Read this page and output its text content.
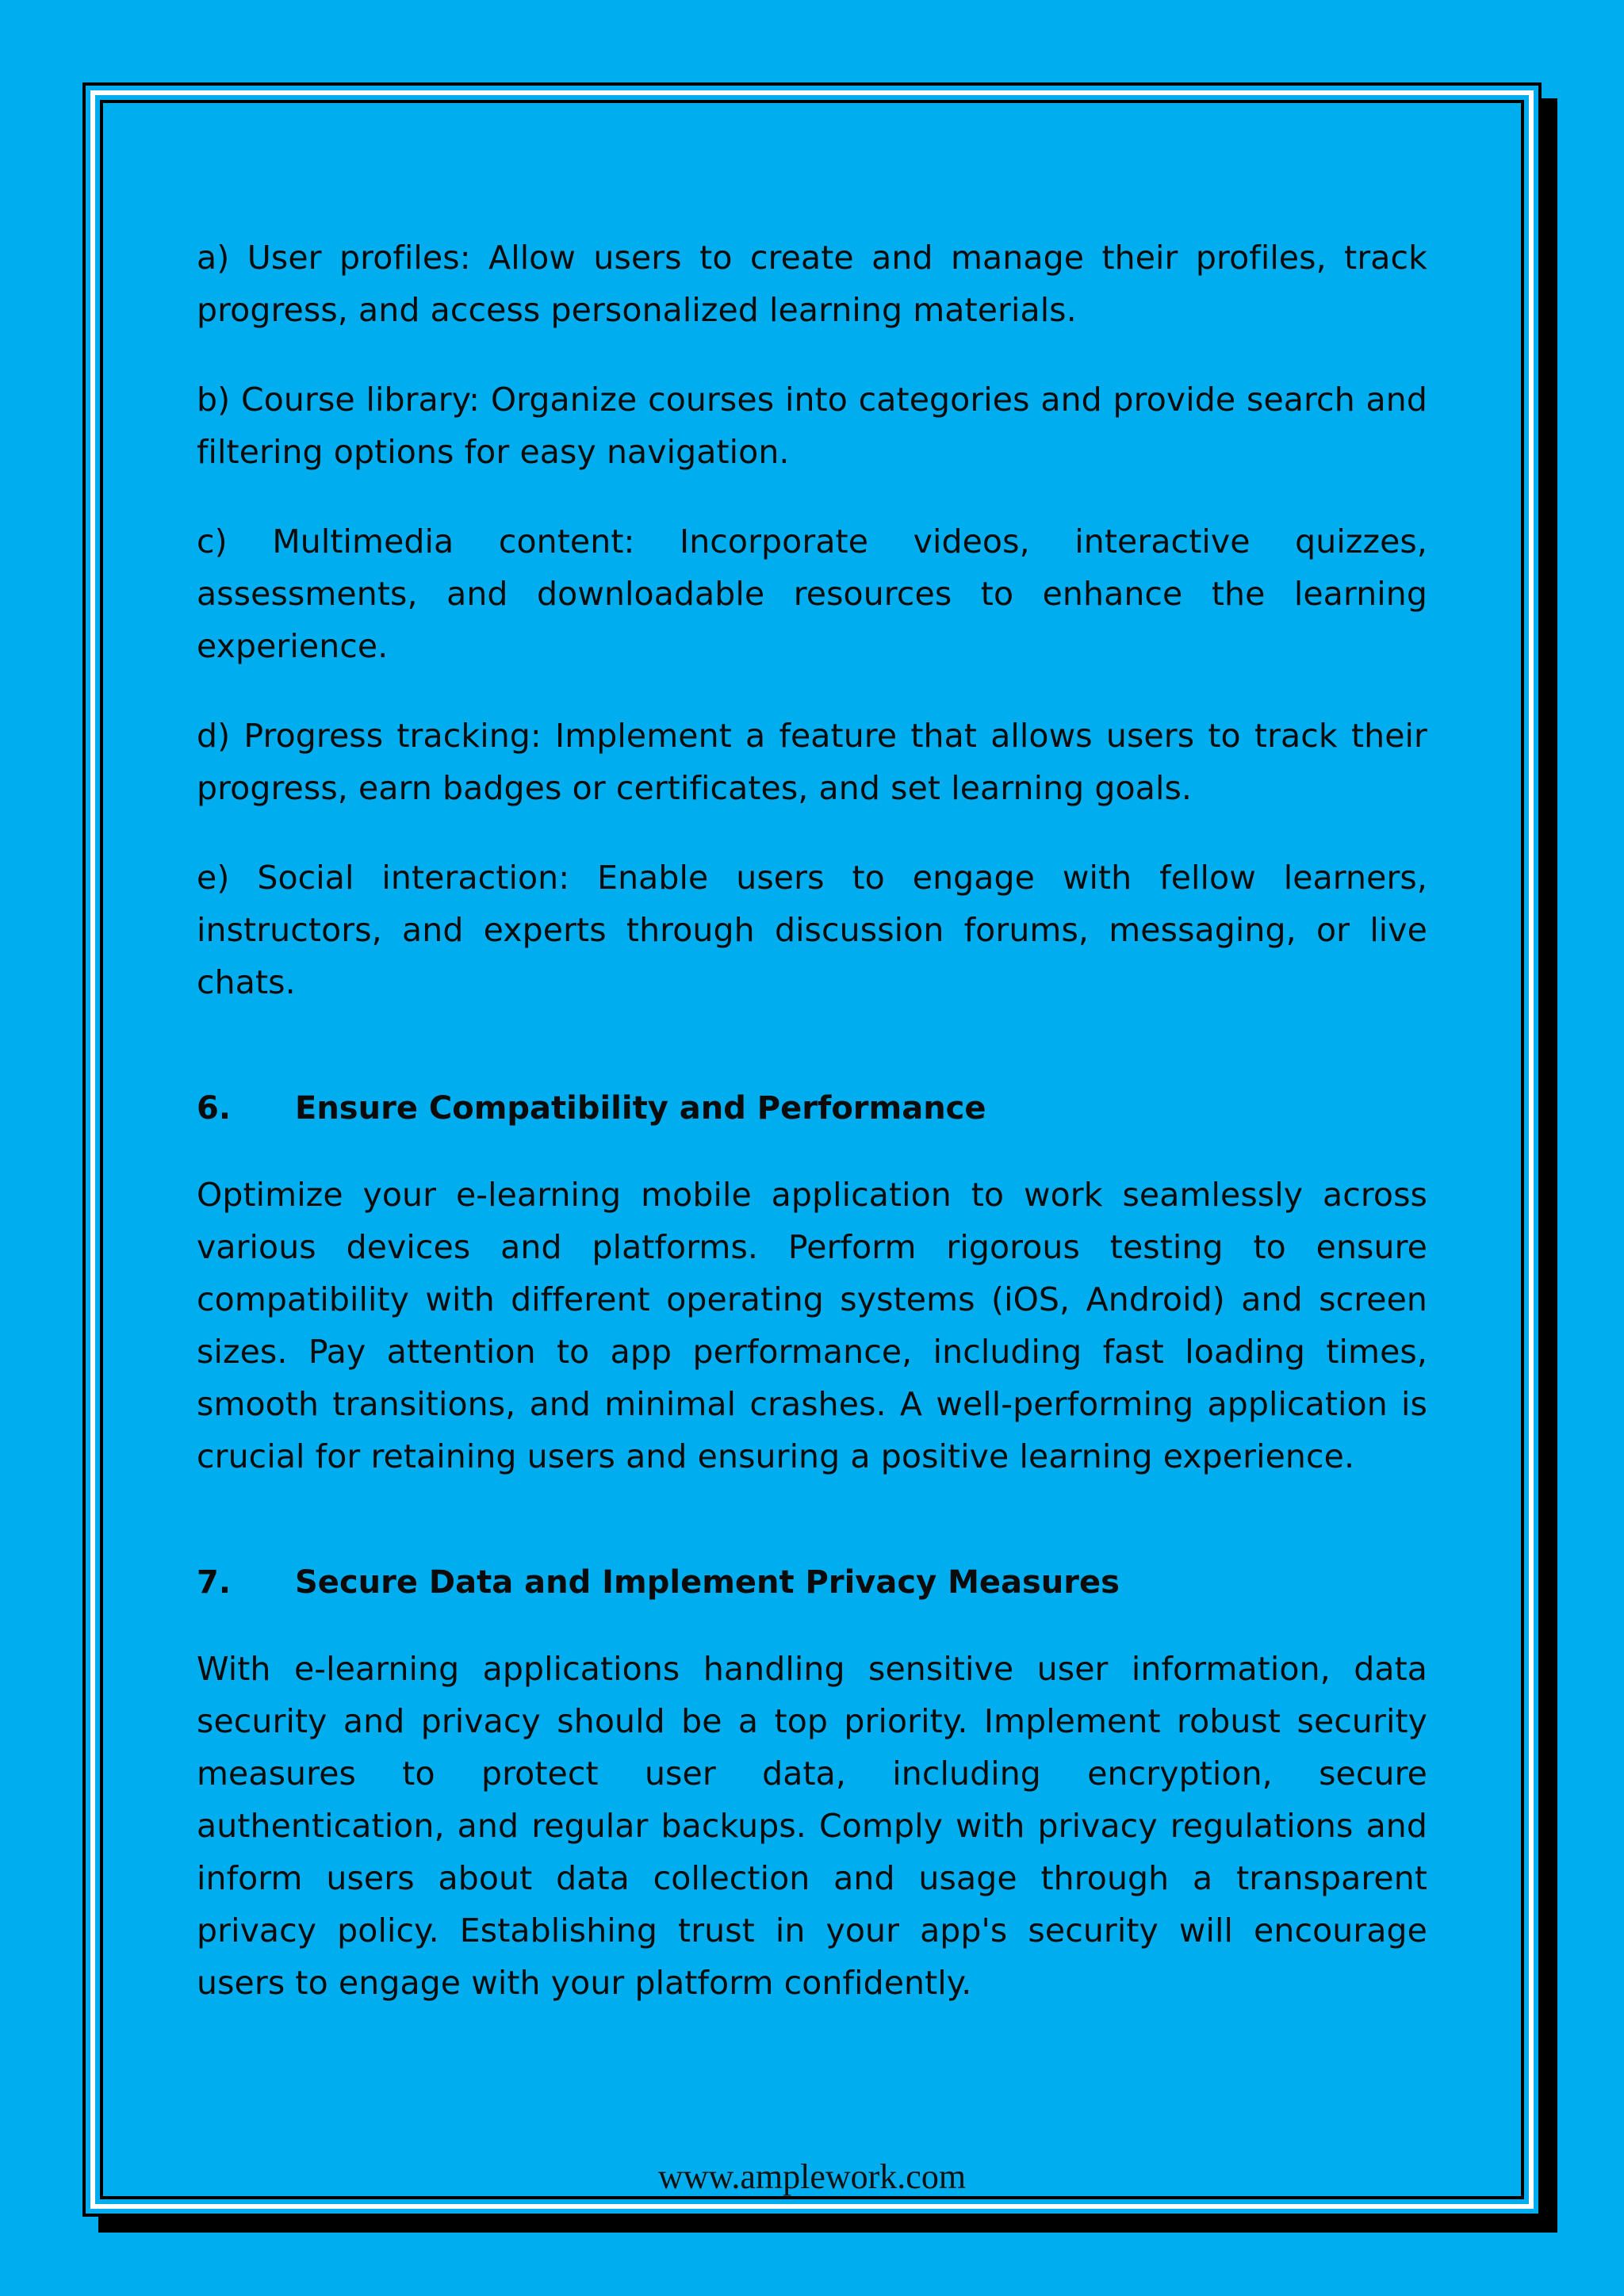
a) User profiles: Allow users to create and manage their profiles, track progress, and access personalized learning materials.

b) Course library: Organize courses into categories and provide search and filtering options for easy navigation.

c) Multimedia content: Incorporate videos, interactive quizzes, assessments, and downloadable resources to enhance the learning experience.

d) Progress tracking: Implement a feature that allows users to track their progress, earn badges or certificates, and set learning goals.

e) Social interaction: Enable users to engage with fellow learners, instructors, and experts through discussion forums, messaging, or live chats.

6.	Ensure Compatibility and Performance

Optimize your e-learning mobile application to work seamlessly across various devices and platforms. Perform rigorous testing to ensure compatibility with different operating systems (iOS, Android) and screen sizes. Pay attention to app performance, including fast loading times, smooth transitions, and minimal crashes. A well-performing application is crucial for retaining users and ensuring a positive learning experience.

7.	Secure Data and Implement Privacy Measures

With e-learning applications handling sensitive user information, data security and privacy should be a top priority. Implement robust security measures to protect user data, including encryption, secure authentication, and regular backups. Comply with privacy regulations and inform users about data collection and usage through a transparent privacy policy. Establishing trust in your app's security will encourage users to engage with your platform confidently.

www.amplework.com
